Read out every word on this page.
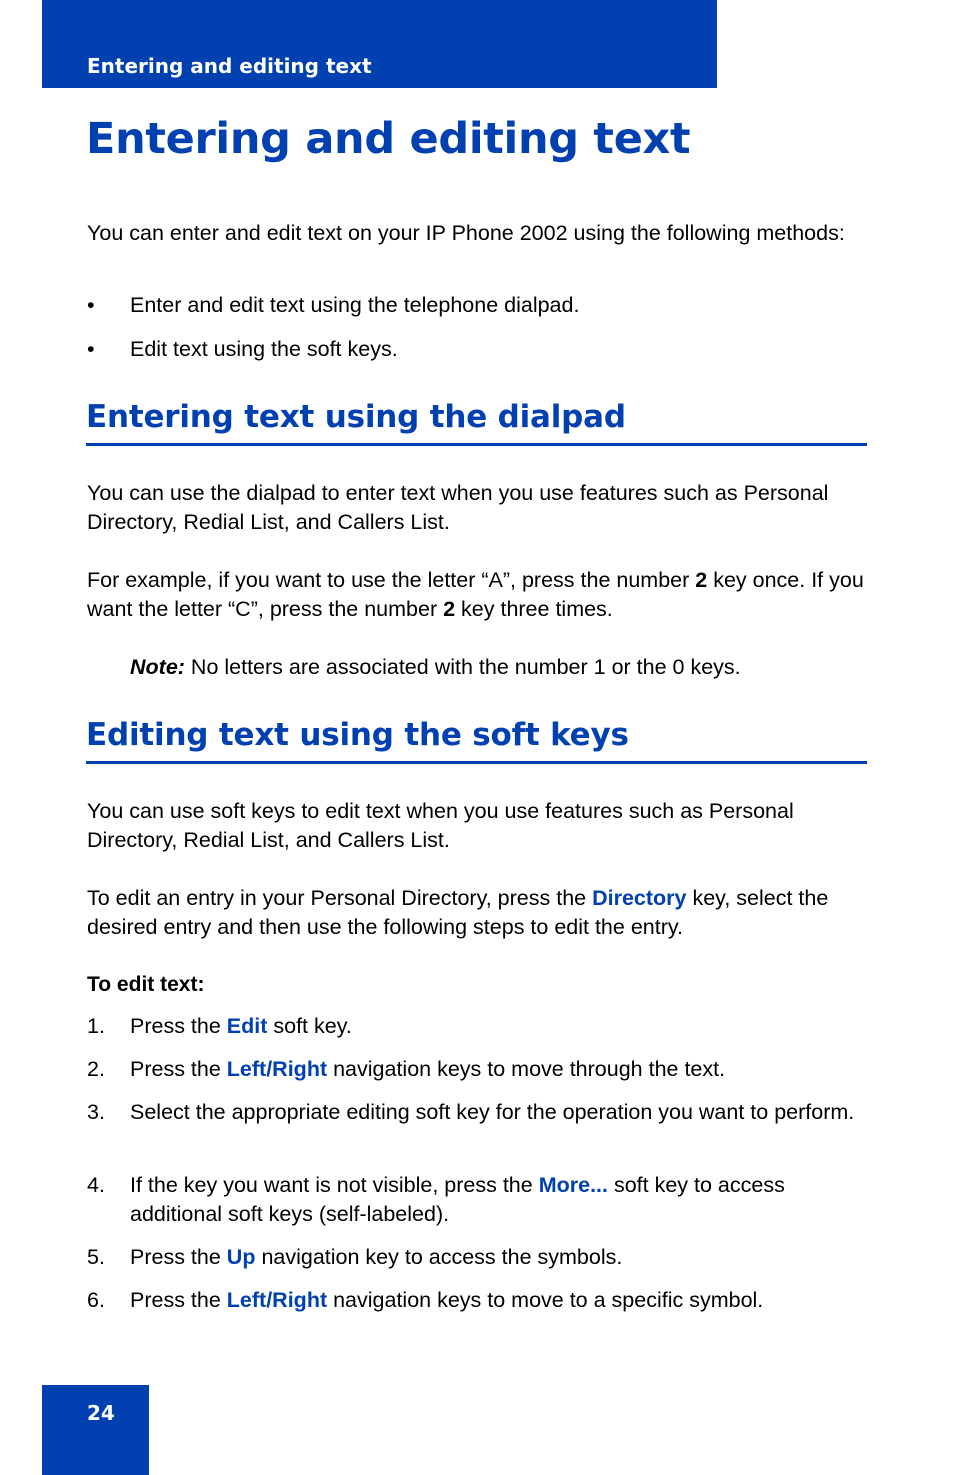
Entering and editing text
Entering and editing text

You can enter and edit text on your IP Phone 2002 using the following methods:

• Enter and edit text using the telephone dialpad.
• Edit text using the soft keys.
Entering text using the dialpad

You can use the dialpad to enter text when you use features such as Personal Directory, Redial List, and Callers List.

For example, if you want to use the letter “A”, press the number 2 key once. If you want the letter “C”, press the number 2 key three times.

Note: No letters are associated with the number 1 or the 0 keys.
Editing text using the soft keys

You can use soft keys to edit text when you use features such as Personal Directory, Redial List, and Callers List.

To edit an entry in your Personal Directory, press the Directory key, select the desired entry and then use the following steps to edit the entry.

To edit text:

1. Press the Edit soft key.
2. Press the Left/Right navigation keys to move through the text.
3. Select the appropriate editing soft key for the operation you want to perform.
4. If the key you want is not visible, press the More... soft key to access additional soft keys (self-labeled).
5. Press the Up navigation key to access the symbols.
6. Press the Left/Right navigation keys to move to a specific symbol.
24
